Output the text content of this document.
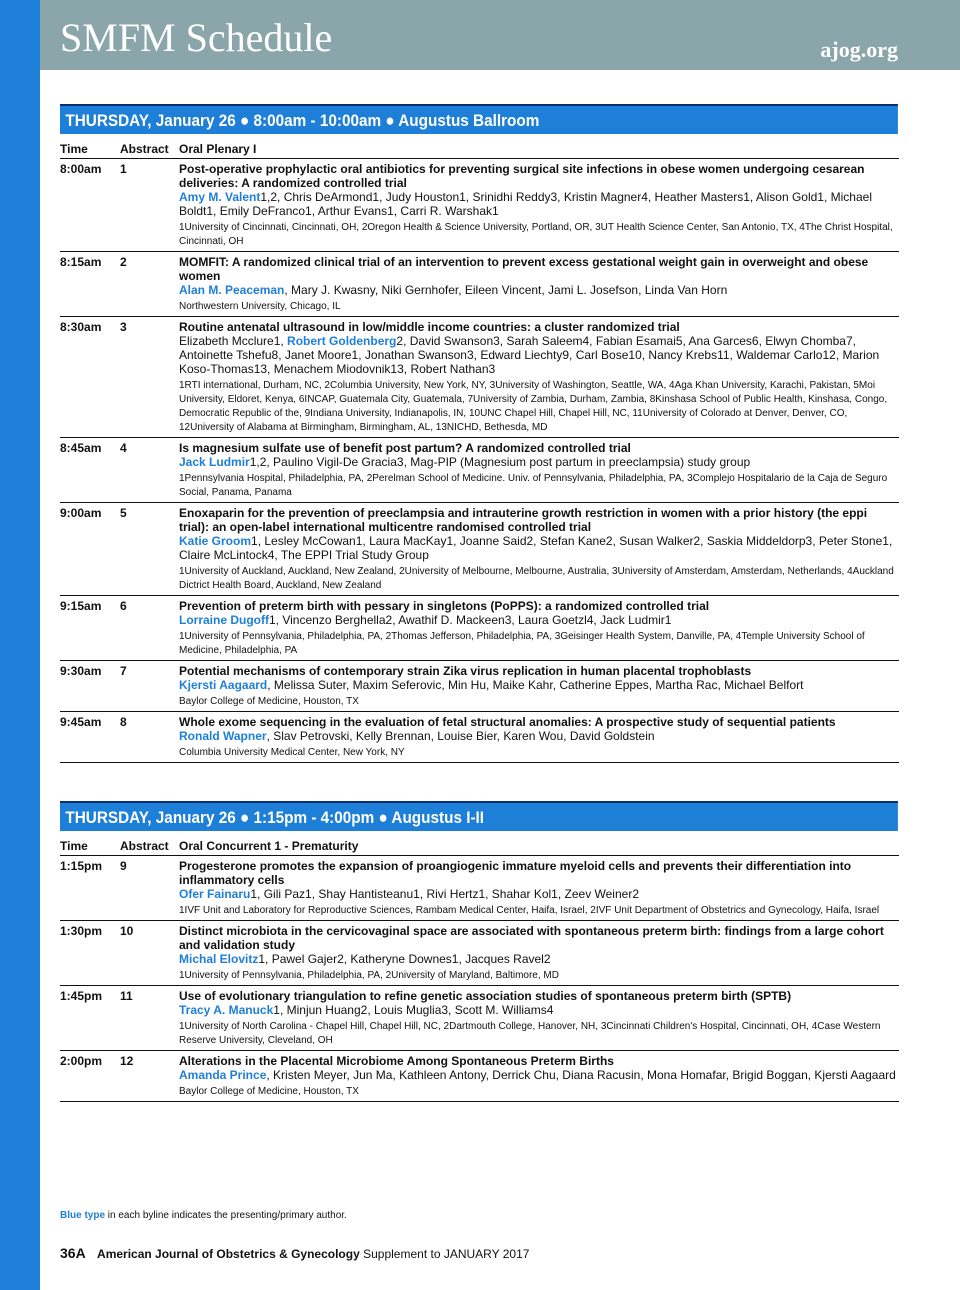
SMFM Schedule	ajog.org
THURSDAY, January 26 ● 8:00am - 10:00am ● Augustus Ballroom
Time	Abstract Oral Plenary I
8:00am	1	Post-operative prophylactic oral antibiotics for preventing surgical site infections in obese women undergoing cesarean deliveries: A randomized controlled trial
Amy M. Valent1,2, Chris DeArmond1, Judy Houston1, Srinidhi Reddy3, Kristin Magner4, Heather Masters1, Alison Gold1, Michael Boldt1, Emily DeFranco1, Arthur Evans1, Carri R. Warshak1
1University of Cincinnati, Cincinnati, OH, 2Oregon Health & Science University, Portland, OR, 3UT Health Science Center, San Antonio, TX, 4The Christ Hospital, Cincinnati, OH
8:15am	2	MOMFIT: A randomized clinical trial of an intervention to prevent excess gestational weight gain in overweight and obese women
Alan M. Peaceman, Mary J. Kwasny, Niki Gernhofer, Eileen Vincent, Jami L. Josefson, Linda Van Horn
Northwestern University, Chicago, IL
8:30am	3	Routine antenatal ultrasound in low/middle income countries: a cluster randomized trial
Elizabeth Mcclure1, Robert Goldenberg2, David Swanson3, Sarah Saleem4, Fabian Esamai5, Ana Garces6, Elwyn Chomba7, Antoinette Tshefu8, Janet Moore1, Jonathan Swanson3, Edward Liechty9, Carl Bose10, Nancy Krebs11, Waldemar Carlo12, Marion Koso-Thomas13, Menachem Miodovnik13, Robert Nathan3
1RTI international, Durham, NC, 2Columbia University, New York, NY, 3University of Washington, Seattle, WA, 4Aga Khan University, Karachi, Pakistan, 5Moi University, Eldoret, Kenya, 6INCAP, Guatemala City, Guatemala, 7University of Zambia, Durham, Zambia, 8Kinshasa School of Public Health, Kinshasa, Congo, Democratic Republic of the, 9Indiana University, Indianapolis, IN, 10UNC Chapel Hill, Chapel Hill, NC, 11University of Colorado at Denver, Denver, CO, 12University of Alabama at Birmingham, Birmingham, AL, 13NICHD, Bethesda, MD
8:45am	4	Is magnesium sulfate use of benefit post partum? A randomized controlled trial
Jack Ludmir1,2, Paulino Vigil-De Gracia3, Mag-PIP (Magnesium post partum in preeclampsia) study group
1Pennsylvania Hospital, Philadelphia, PA, 2Perelman School of Medicine. Univ. of Pennsylvania, Philadelphia, PA, 3Complejo Hospitalario de la Caja de Seguro Social, Panama, Panama
9:00am	5	Enoxaparin for the prevention of preeclampsia and intrauterine growth restriction in women with a prior history (the eppi trial): an open-label international multicentre randomised controlled trial
Katie Groom1, Lesley McCowan1, Laura MacKay1, Joanne Said2, Stefan Kane2, Susan Walker2, Saskia Middeldorp3, Peter Stone1, Claire McLintock4, The EPPI Trial Study Group
1University of Auckland, Auckland, New Zealand, 2University of Melbourne, Melbourne, Australia, 3University of Amsterdam, Amsterdam, Netherlands, 4Auckland Dictrict Health Board, Auckland, New Zealand
9:15am	6	Prevention of preterm birth with pessary in singletons (PoPPS): a randomized controlled trial
Lorraine Dugoff1, Vincenzo Berghella2, Awathif D. Mackeen3, Laura Goetzl4, Jack Ludmir1
1University of Pennsylvania, Philadelphia, PA, 2Thomas Jefferson, Philadelphia, PA, 3Geisinger Health System, Danville, PA, 4Temple University School of Medicine, Philadelphia, PA
9:30am	7	Potential mechanisms of contemporary strain Zika virus replication in human placental trophoblasts
Kjersti Aagaard, Melissa Suter, Maxim Seferovic, Min Hu, Maike Kahr, Catherine Eppes, Martha Rac, Michael Belfort
Baylor College of Medicine, Houston, TX
9:45am	8	Whole exome sequencing in the evaluation of fetal structural anomalies: A prospective study of sequential patients
Ronald Wapner, Slav Petrovski, Kelly Brennan, Louise Bier, Karen Wou, David Goldstein
Columbia University Medical Center, New York, NY
THURSDAY, January 26 ● 1:15pm - 4:00pm ● Augustus I-II
Time	Abstract Oral Concurrent 1 - Prematurity
1:15pm	9	Progesterone promotes the expansion of proangiogenic immature myeloid cells and prevents their differentiation into inflammatory cells
Ofer Fainaru1, Gili Paz1, Shay Hantisteanu1, Rivi Hertz1, Shahar Kol1, Zeev Weiner2
1IVF Unit and Laboratory for Reproductive Sciences, Rambam Medical Center, Haifa, Israel, 2IVF Unit Department of Obstetrics and Gynecology, Haifa, Israel
1:30pm	10	Distinct microbiota in the cervicovaginal space are associated with spontaneous preterm birth: findings from a large cohort and validation study
Michal Elovitz1, Pawel Gajer2, Katheryne Downes1, Jacques Ravel2
1University of Pennsylvania, Philadelphia, PA, 2University of Maryland, Baltimore, MD
1:45pm	11	Use of evolutionary triangulation to refine genetic association studies of spontaneous preterm birth (SPTB)
Tracy A. Manuck1, Minjun Huang2, Louis Muglia3, Scott M. Williams4
1University of North Carolina - Chapel Hill, Chapel Hill, NC, 2Dartmouth College, Hanover, NH, 3Cincinnati Children's Hospital, Cincinnati, OH, 4Case Western Reserve University, Cleveland, OH
2:00pm	12	Alterations in the Placental Microbiome Among Spontaneous Preterm Births
Amanda Prince, Kristen Meyer, Jun Ma, Kathleen Antony, Derrick Chu, Diana Racusin, Mona Homafar, Brigid Boggan, Kjersti Aagaard
Baylor College of Medicine, Houston, TX
Blue type in each byline indicates the presenting/primary author.
36A American Journal of Obstetrics & Gynecology Supplement to JANUARY 2017
